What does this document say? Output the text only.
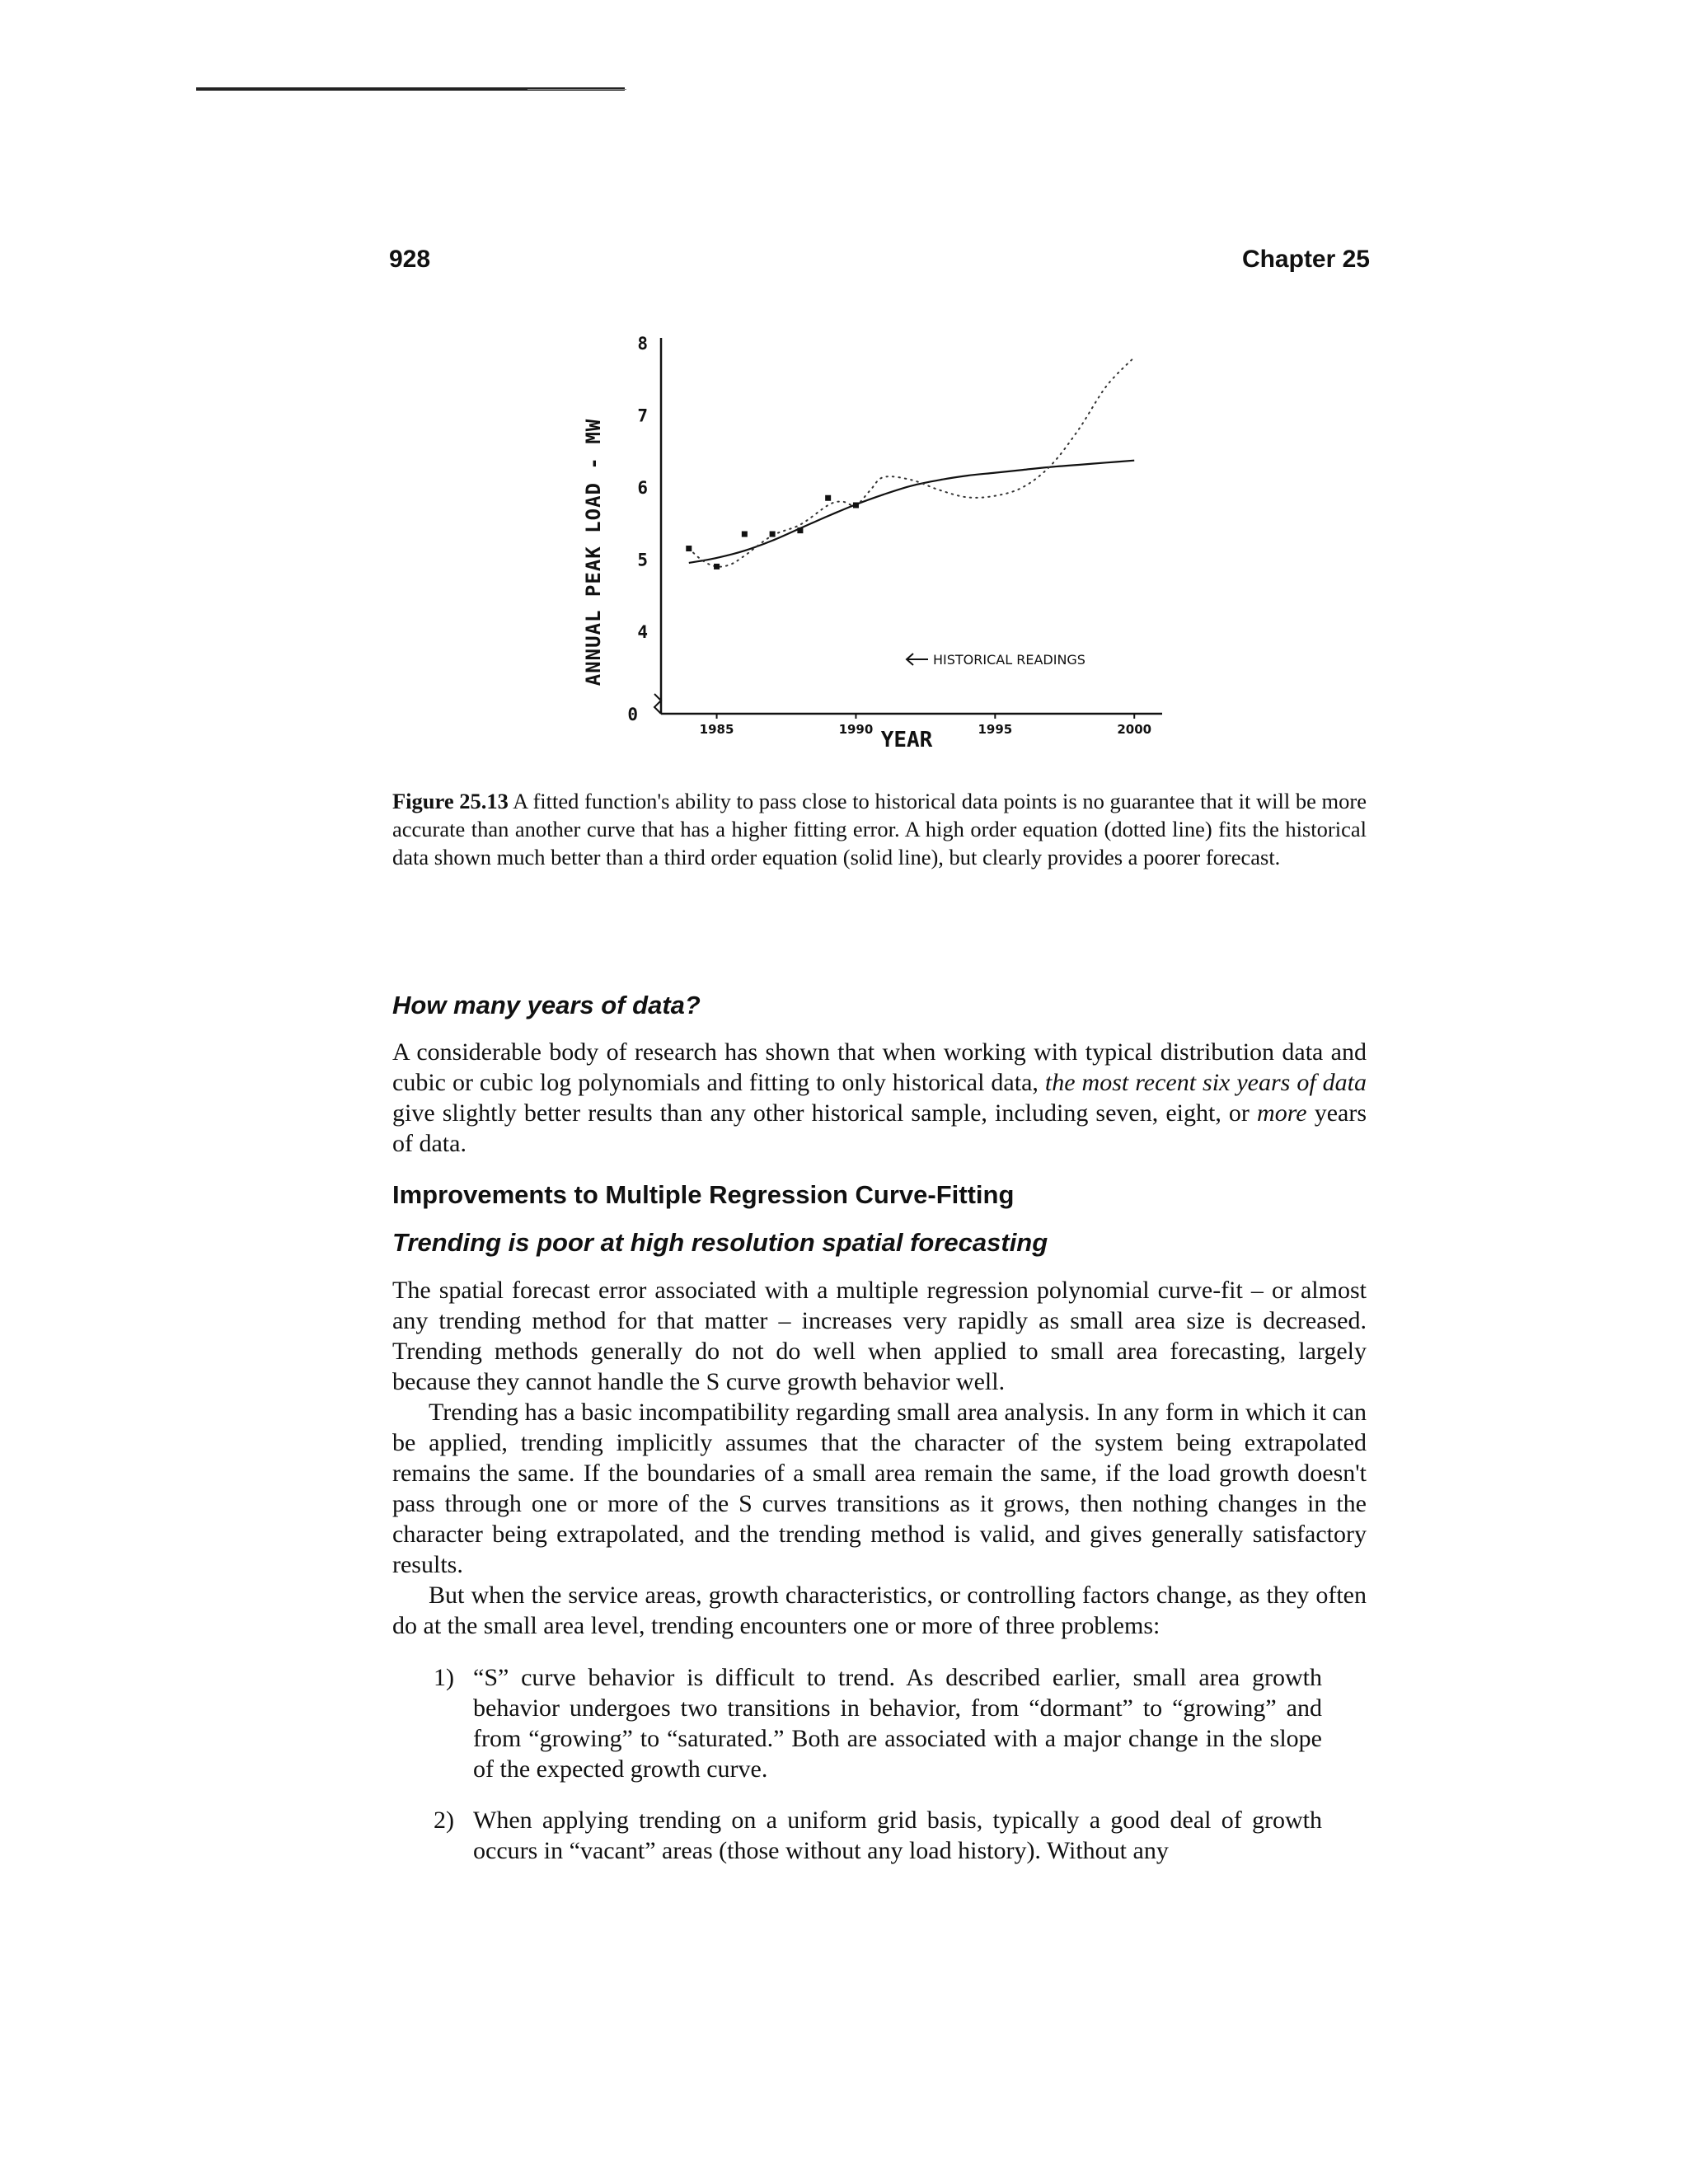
928	Chapter 25
ANNUAL PEAK LOAD - MW
0
YEAR
1985	1990	1995	2000
4
5
6
7
8
HISTORICAL READINGS
Figure 25.13 A fitted function's ability to pass close to historical data points is no guarantee that it will be more accurate than another curve that has a higher fitting error. A high order equation (dotted line) fits the historical data shown much better than a third order equation (solid line), but clearly provides a poorer forecast.
How many years of data?

A considerable body of research has shown that when working with typical distribution data and cubic or cubic log polynomials and fitting to only historical data, the most recent six years of data give slightly better results than any other historical sample, including seven, eight, or more years of data.

Improvements to Multiple Regression Curve-Fitting
Trending is poor at high resolution spatial forecasting

The spatial forecast error associated with a multiple regression polynomial curve-fit – or almost any trending method for that matter – increases very rapidly as small area size is decreased. Trending methods generally do not do well when applied to small area forecasting, largely because they cannot handle the S curve growth behavior well.

Trending has a basic incompatibility regarding small area analysis. In any form in which it can be applied, trending implicitly assumes that the character of the system being extrapolated remains the same. If the boundaries of a small area remain the same, if the load growth doesn't pass through one or more of the S curves transitions as it grows, then nothing changes in the character being extrapolated, and the trending method is valid, and gives generally satisfactory results.

But when the service areas, growth characteristics, or controlling factors change, as they often do at the small area level, trending encounters one or more of three problems:

1) “S” curve behavior is difficult to trend. As described earlier, small area growth behavior undergoes two transitions in behavior, from “dormant” to “growing” and from “growing” to “saturated.” Both are associated with a major change in the slope of the expected growth curve.
2) When applying trending on a uniform grid basis, typically a good deal of growth occurs in “vacant” areas (those without any load history). Without any
